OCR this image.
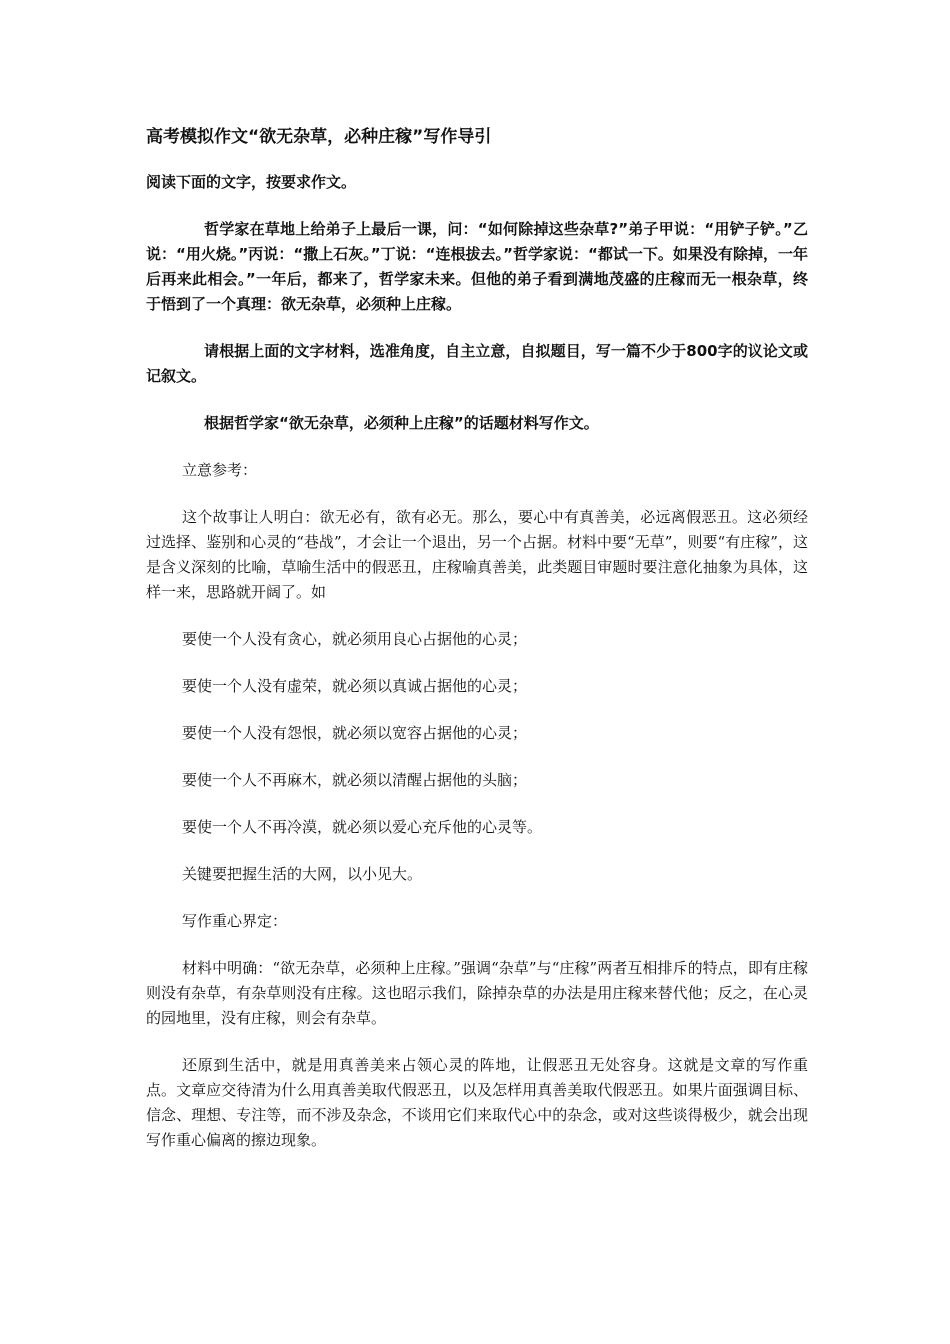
高考模拟作文“欲无杂草，必种庄稼”写作导引
阅读下面的文字，按要求作文。
哲学家在草地上给弟子上最后一课，问：“如何除掉这些杂草?”弟子甲说：“用铲子铲。”乙说：“用火烧。”丙说：“撒上石灰。”丁说：“连根拔去。”哲学家说：“都试一下。如果没有除掉，一年后再来此相会。”一年后，都来了，哲学家未来。但他的弟子看到满地茂盛的庄稼而无一根杂草，终于悟到了一个真理：欲无杂草，必须种上庄稼。
请根据上面的文字材料，选准角度，自主立意，自拟题目，写一篇不少于800字的议论文或记叙文。
根据哲学家“欲无杂草，必须种上庄稼”的话题材料写作文。
立意参考：
这个故事让人明白：欲无必有，欲有必无。那么，要心中有真善美，必远离假恶丑。这必须经过选择、鉴别和心灵的“巷战”，才会让一个退出，另一个占据。材料中要“无草”，则要“有庄稼”，这是含义深刻的比喻，草喻生活中的假恶丑，庄稼喻真善美，此类题目审题时要注意化抽象为具体，这样一来，思路就开阔了。如
要使一个人没有贪心，就必须用良心占据他的心灵；
要使一个人没有虚荣，就必须以真诚占据他的心灵；
要使一个人没有怨恨，就必须以宽容占据他的心灵；
要使一个人不再麻木，就必须以清醒占据他的头脑；
要使一个人不再冷漠，就必须以爱心充斥他的心灵等。
关键要把握生活的大网，以小见大。
写作重心界定：
材料中明确：“欲无杂草，必须种上庄稼。”强调“杂草”与“庄稼”两者互相排斥的特点，即有庄稼则没有杂草，有杂草则没有庄稼。这也昭示我们，除掉杂草的办法是用庄稼来替代他；反之，在心灵的园地里，没有庄稼，则会有杂草。
还原到生活中，就是用真善美来占领心灵的阵地，让假恶丑无处容身。这就是文章的写作重点。文章应交待清为什么用真善美取代假恶丑，以及怎样用真善美取代假恶丑。如果片面强调目标、信念、理想、专注等，而不涉及杂念，不谈用它们来取代心中的杂念，或对这些谈得极少，就会出现写作重心偏离的擦边现象。
